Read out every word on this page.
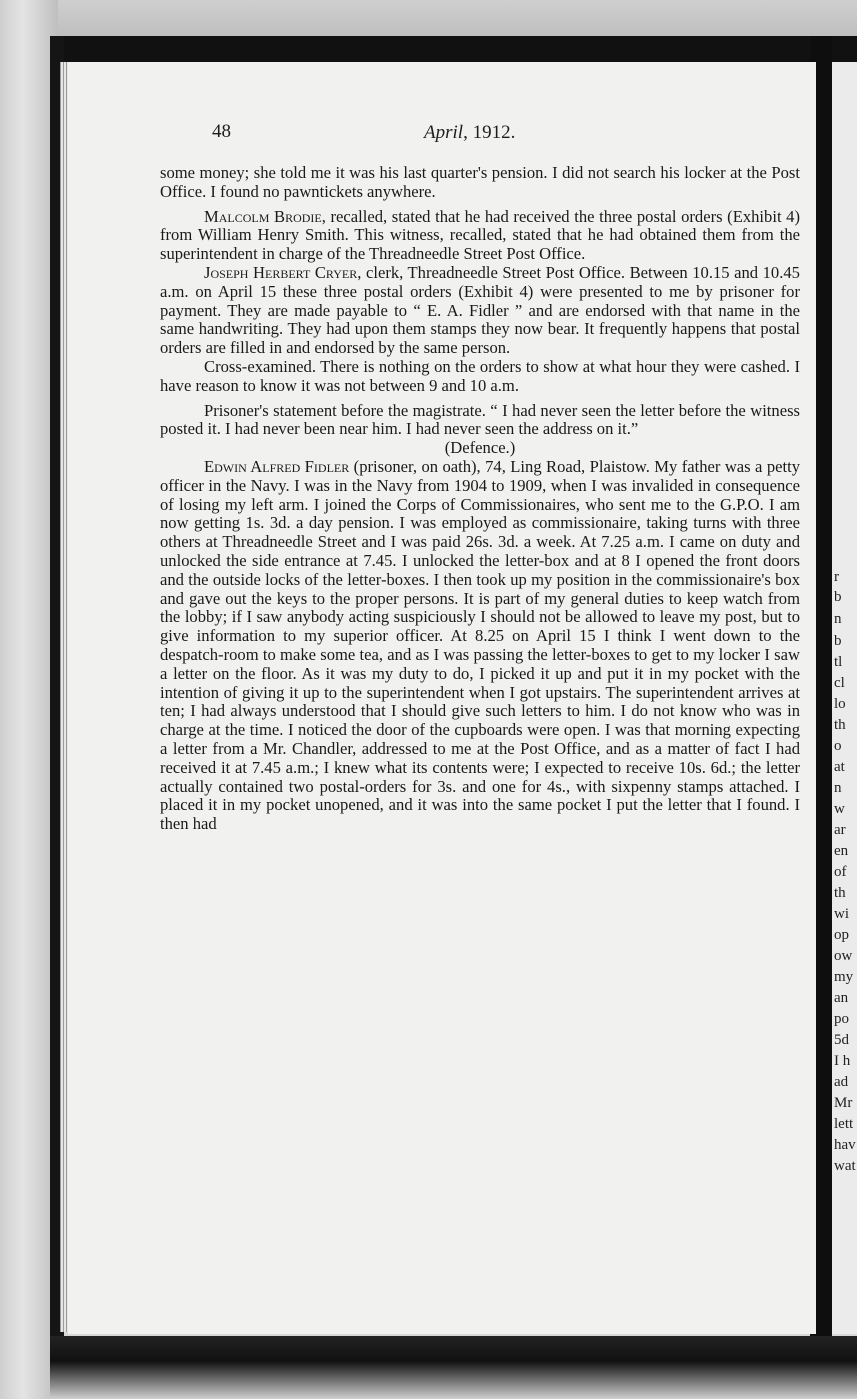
48	April, 1912.

some money; she told me it was his last quarter's pension. I did not search his locker at the Post Office. I found no pawntickets anywhere.

Malcolm Brodie, recalled, stated that he had received the three postal orders (Exhibit 4) from William Henry Smith. This witness, recalled, stated that he had obtained them from the superintendent in charge of the Threadneedle Street Post Office.

Joseph Herbert Cryer, clerk, Threadneedle Street Post Office. Between 10.15 and 10.45 a.m. on April 15 these three postal orders (Exhibit 4) were presented to me by prisoner for payment. They are made payable to “ E. A. Fidler ” and are endorsed with that name in the same handwriting. They had upon them stamps they now bear. It frequently happens that postal orders are filled in and endorsed by the same person.

Cross-examined. There is nothing on the orders to show at what hour they were cashed. I have reason to know it was not between 9 and 10 a.m.

Prisoner's statement before the magistrate. “ I had never seen the letter before the witness posted it. I had never been near him. I had never seen the address on it.”

(Defence.)

Edwin Alfred Fidler (prisoner, on oath), 74, Ling Road, Plaistow. My father was a petty officer in the Navy. I was in the Navy from 1904 to 1909, when I was invalided in consequence of losing my left arm. I joined the Corps of Commissionaires, who sent me to the G.P.O. I am now getting 1s. 3d. a day pension. I was employed as commissionaire, taking turns with three others at Threadneedle Street and I was paid 26s. 3d. a week. At 7.25 a.m. I came on duty and unlocked the side entrance at 7.45. I unlocked the letter-box and at 8 I opened the front doors and the outside locks of the letter-boxes. I then took up my position in the commissionaire's box and gave out the keys to the proper persons. It is part of my general duties to keep watch from the lobby; if I saw anybody acting suspiciously I should not be allowed to leave my post, but to give information to my superior officer. At 8.25 on April 15 I think I went down to the despatch-room to make some tea, and as I was passing the letter-boxes to get to my locker I saw a letter on the floor. As it was my duty to do, I picked it up and put it in my pocket with the intention of giving it up to the superintendent when I got upstairs. The superintendent arrives at ten; I had always understood that I should give such letters to him. I do not know who was in charge at the time. I noticed the door of the cupboards were open. I was that morning expecting a letter from a Mr. Chandler, addressed to me at the Post Office, and as a matter of fact I had received it at 7.45 a.m.; I knew what its contents were; I expected to receive 10s. 6d.; the letter actually contained two postal-orders for 3s. and one for 4s., with sixpenny stamps attached. I placed it in my pocket unopened, and it was into the same pocket I put the letter that I found. I then had

r
b
n
b
tl
cl
lo
th
o
at
n
w
ar
en
of
th
wi
op
ow
my
an
po
5d
I h
ad
Mr
lett
hav
wat
